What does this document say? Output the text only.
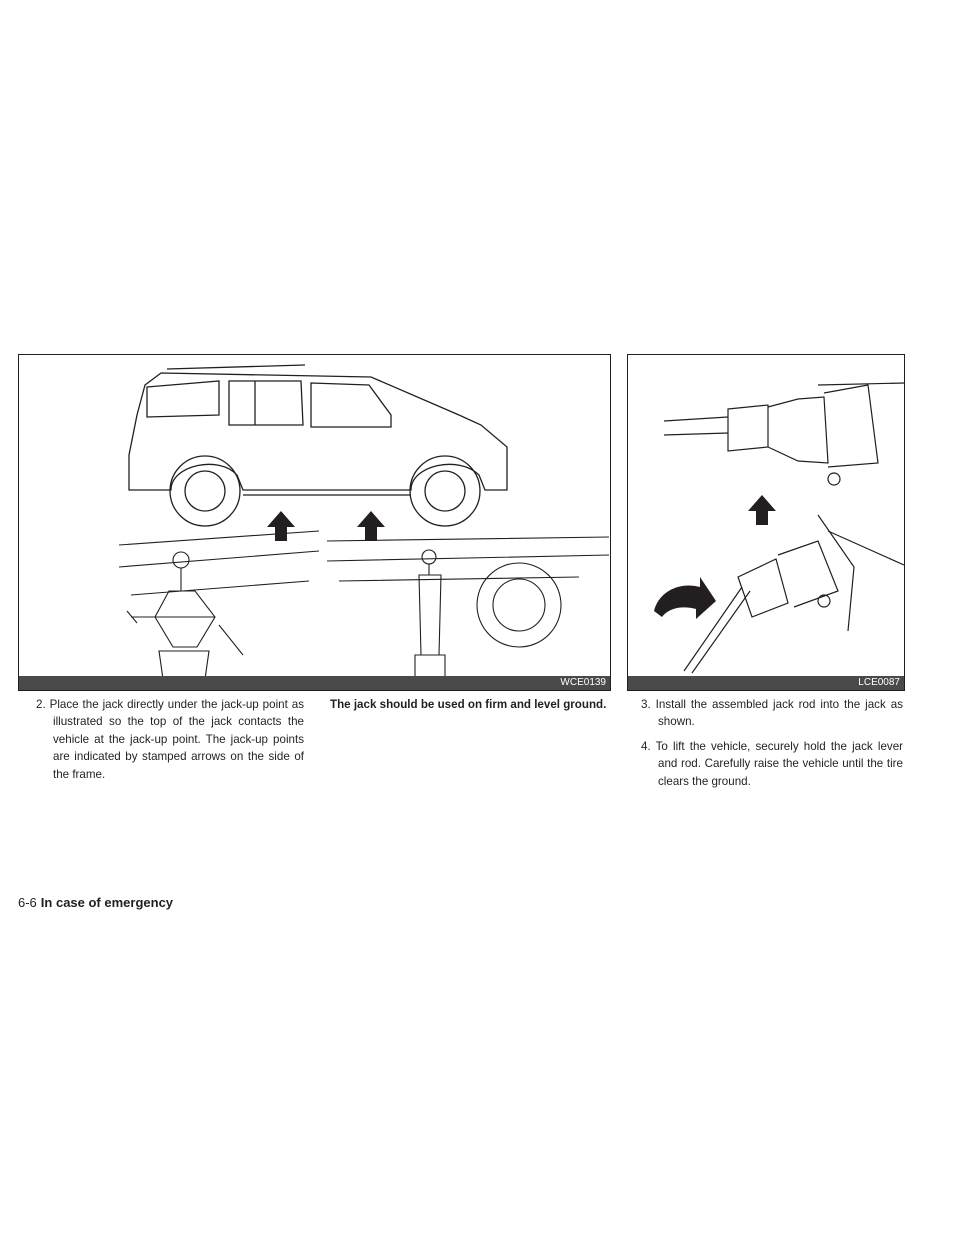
WCE0139	LCE0087

2. Place the jack directly under the jack-up point as illustrated so the top of the jack contacts the vehicle at the jack-up point. The jack-up points are indicated by stamped arrows on the side of the frame.

The jack should be used on firm and level ground.	3. Install the assembled jack rod into the jack as shown.

4. To lift the vehicle, securely hold the jack lever and rod. Carefully raise the vehicle until the tire clears the ground.

6-6 In case of emergency
